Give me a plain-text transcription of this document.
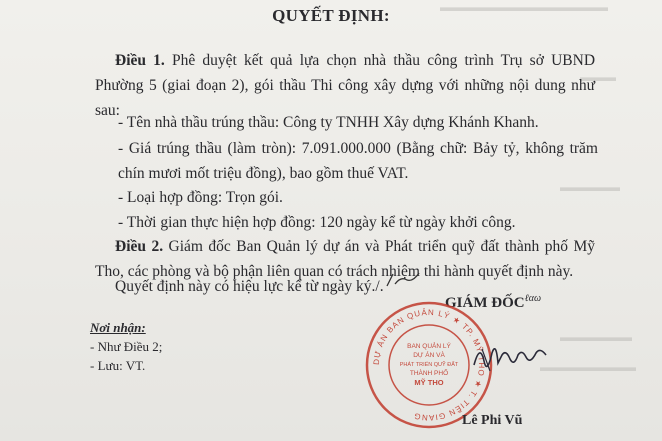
▬▬▬▬▬▬▬▬▬▬▬▬▬▬
▬▬▬
▬▬▬▬▬
▬▬▬▬▬▬
▬▬▬▬▬▬▬▬
QUYẾT ĐỊNH:
Điều 1. Phê duyệt kết quả lựa chọn nhà thầu công trình Trụ sở UBND Phường 5 (giai đoạn 2), gói thầu Thi công xây dựng với những nội dung như sau:
- Tên nhà thầu trúng thầu: Công ty TNHH Xây dựng Khánh Khanh.
- Giá trúng thầu (làm tròn): 7.091.000.000 (Bằng chữ: Bảy tỷ, không trăm chín mươi mốt triệu đồng), bao gồm thuế VAT.
- Loại hợp đồng: Trọn gói.
- Thời gian thực hiện hợp đồng: 120 ngày kể từ ngày khởi công.
Điều 2. Giám đốc Ban Quản lý dự án và Phát triển quỹ đất thành phố Mỹ Tho, các phòng và bộ phận liên quan có trách nhiệm thi hành quyết định này.
Quyết định này có hiệu lực kể từ ngày ký./.
Nơi nhận:
- Như Điều 2;
- Lưu: VT.
GIÁM ĐỐC$^{\ell\alpha\omega}$
DỰ ÁN BAN QUẢN LÝ ★ TP. MỸ THO ★ T. TIỀN GIANG
BAN QUẢN LÝ
DỰ ÁN VÀ
PHÁT TRIỂN QUỸ ĐẤT
THÀNH PHỐ
MỸ THO
Lê Phi Vũ
